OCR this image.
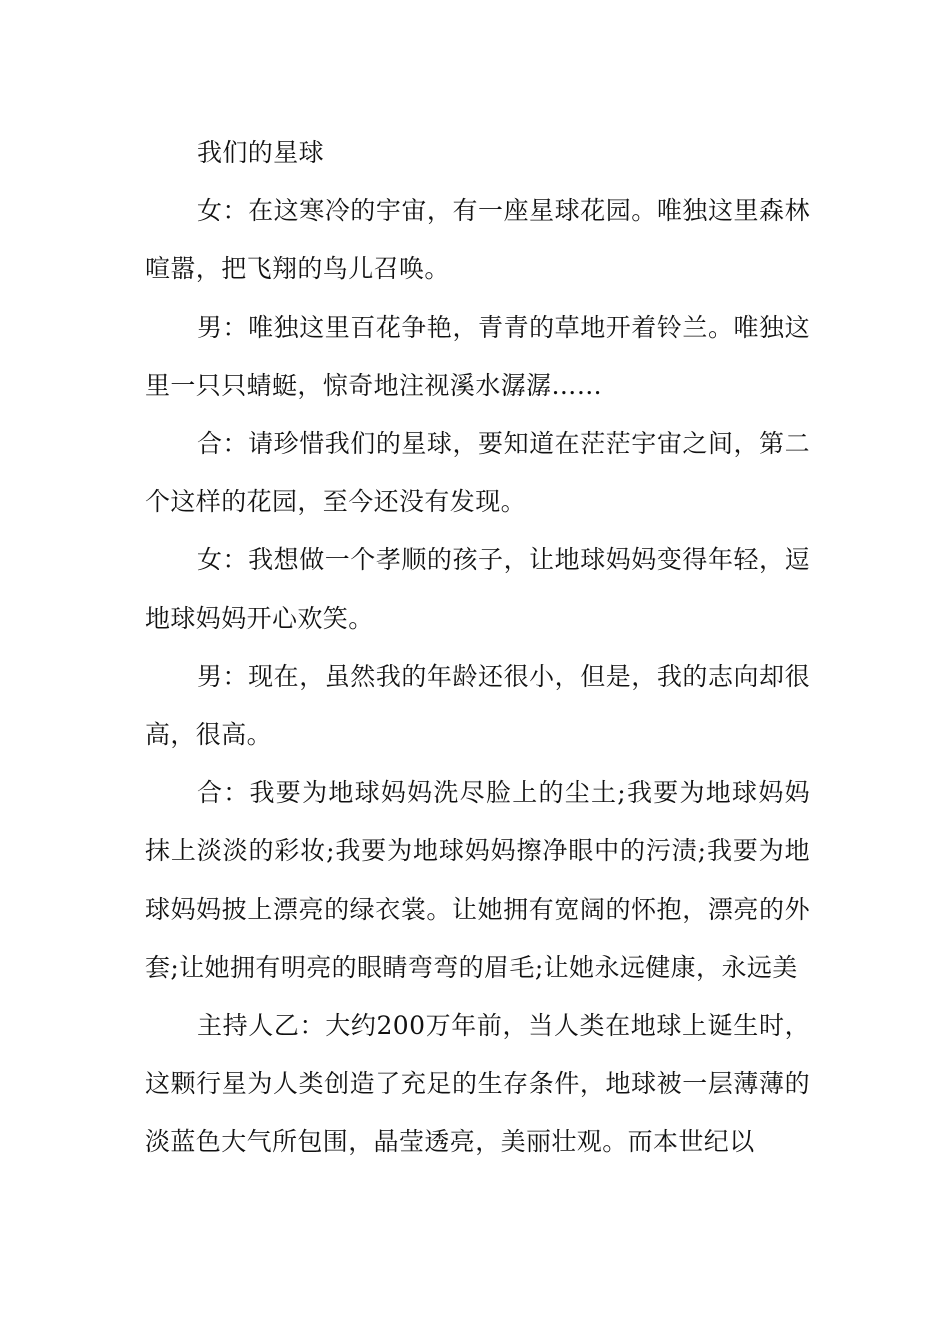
我们的星球

女：在这寒冷的宇宙，有一座星球花园。唯独这里森林喧嚣，把飞翔的鸟儿召唤。

男：唯独这里百花争艳，青青的草地开着铃兰。唯独这里一只只蜻蜓，惊奇地注视溪水潺潺……

合：请珍惜我们的星球，要知道在茫茫宇宙之间，第二个这样的花园，至今还没有发现。

女：我想做一个孝顺的孩子，让地球妈妈变得年轻，逗地球妈妈开心欢笑。

男：现在，虽然我的年龄还很小，但是，我的志向却很高，很高。

合：我要为地球妈妈洗尽脸上的尘土;我要为地球妈妈抹上淡淡的彩妆;我要为地球妈妈擦净眼中的污渍;我要为地球妈妈披上漂亮的绿衣裳。让她拥有宽阔的怀抱，漂亮的外套;让她拥有明亮的眼睛弯弯的眉毛;让她永远健康，永远美

主持人乙：大约200万年前，当人类在地球上诞生时，这颗行星为人类创造了充足的生存条件，地球被一层薄薄的淡蓝色大气所包围，晶莹透亮，美丽壮观。而本世纪以
